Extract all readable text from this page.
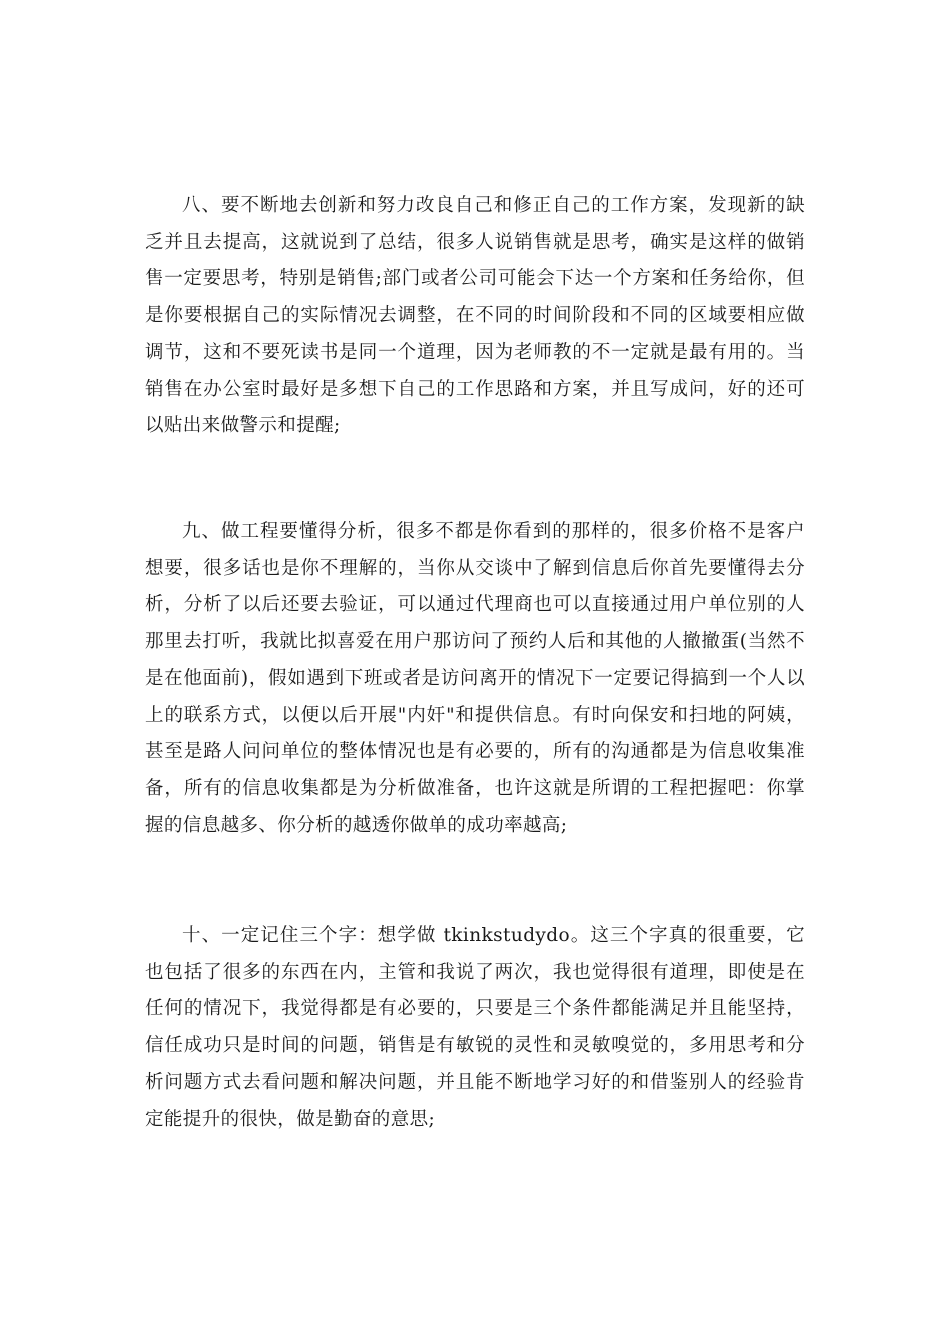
八、要不断地去创新和努力改良自己和修正自己的工作方案，发现新的缺乏并且去提高，这就说到了总结，很多人说销售就是思考，确实是这样的做销售一定要思考，特别是销售;部门或者公司可能会下达一个方案和任务给你，但是你要根据自己的实际情况去调整，在不同的时间阶段和不同的区域要相应做调节，这和不要死读书是同一个道理，因为老师教的不一定就是最有用的。当销售在办公室时最好是多想下自己的工作思路和方案，并且写成问，好的还可以贴出来做警示和提醒;

九、做工程要懂得分析，很多不都是你看到的那样的，很多价格不是客户想要，很多话也是你不理解的，当你从交谈中了解到信息后你首先要懂得去分析，分析了以后还要去验证，可以通过代理商也可以直接通过用户单位别的人那里去打听，我就比拟喜爱在用户那访问了预约人后和其他的人撤撤蛋(当然不是在他面前)，假如遇到下班或者是访问离开的情况下一定要记得搞到一个人以上的联系方式，以便以后开展"内奸"和提供信息。有时向保安和扫地的阿姨，甚至是路人问问单位的整体情况也是有必要的，所有的沟通都是为信息收集准备，所有的信息收集都是为分析做准备，也许这就是所谓的工程把握吧：你掌握的信息越多、你分析的越透你做单的成功率越高;

十、一定记住三个字：想学做 tkinkstudydo。这三个字真的很重要，它也包括了很多的东西在内，主管和我说了两次，我也觉得很有道理，即使是在任何的情况下，我觉得都是有必要的，只要是三个条件都能满足并且能坚持，信任成功只是时间的问题，销售是有敏锐的灵性和灵敏嗅觉的，多用思考和分析问题方式去看问题和解决问题，并且能不断地学习好的和借鉴别人的经验肯定能提升的很快，做是勤奋的意思;
